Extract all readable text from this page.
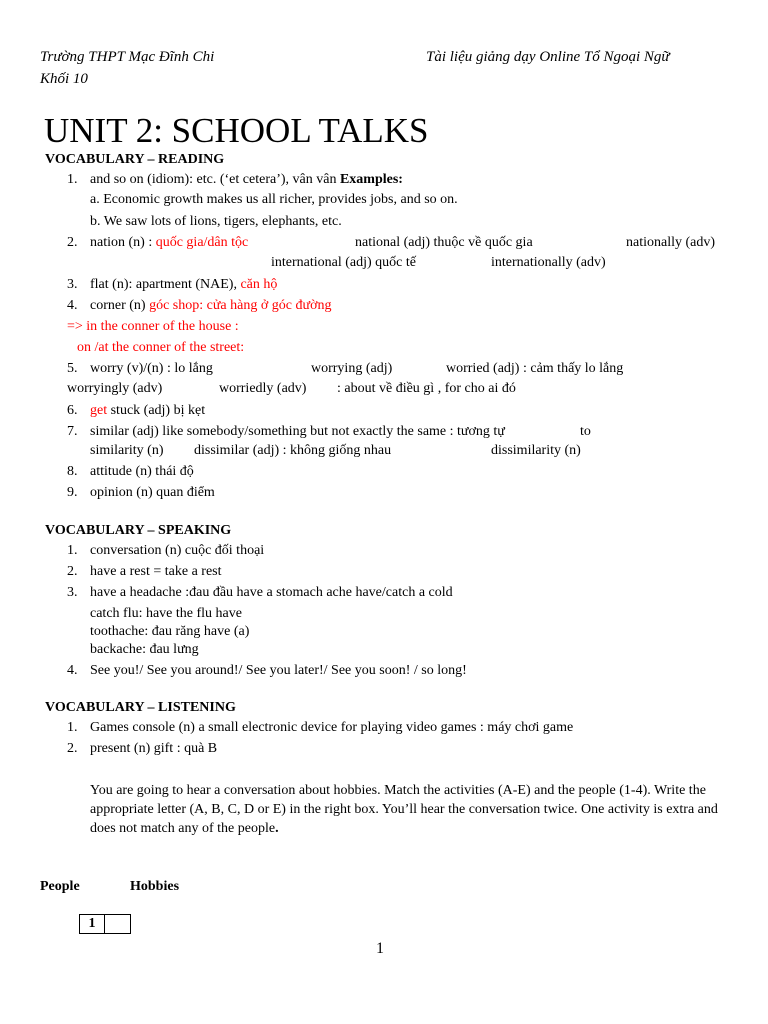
Trường THPT Mạc Đĩnh Chi
Khối 10
Tài liệu giảng dạy Online Tổ Ngoại Ngữ
UNIT 2: SCHOOL TALKS
VOCABULARY – READING
1. and so on (idiom): etc. (‘et cetera’), vân vân Examples:
a. Economic growth makes us all richer, provides jobs, and so on.
b. We saw lots of lions, tigers, elephants, etc.
2. nation (n) : quốc gia/dân tộc	national (adj) thuộc về quốc gia	nationally (adv)
international (adj) quốc tế	internationally (adv)
3. flat (n): apartment (NAE), căn hộ
4. corner (n) góc shop: cửa hàng ở góc đường
=> in the conner of the house :
on /at the conner of the street:
5. worry (v)/(n) : lo lắng	worrying (adj)	worried (adj) : cảm thấy lo lắng
worryingly (adv)	worriedly (adv) : about về điều gì , for cho ai đó
6. get stuck (adj) bị kẹt
7. similar (adj) like somebody/something but not exactly the same : tương tự	to
similarity (n) dissimilar (adj) : không giống nhau	dissimilarity (n)
8. attitude (n) thái độ
9. opinion (n) quan điểm
VOCABULARY – SPEAKING
1. conversation (n) cuộc đối thoại
2. have a rest = take a rest
3. have a headache :đau đầu have a stomach ache have/catch a cold
catch flu: have the flu have
toothache: đau răng have (a)
backache: đau lưng
4. See you!/ See you around!/ See you later!/ See you soon! / so long!
VOCABULARY – LISTENING
1. Games console (n) a small electronic device for playing video games : máy chơi game
2. present (n) gift : quà B
You are going to hear a conversation about hobbies. Match the activities (A-E) and the people (1-4). Write the appropriate letter (A, B, C, D or E) in the right box. You’ll hear the conversation twice. One activity is extra and does not match any of the people.
People	Hobbies
1
1
